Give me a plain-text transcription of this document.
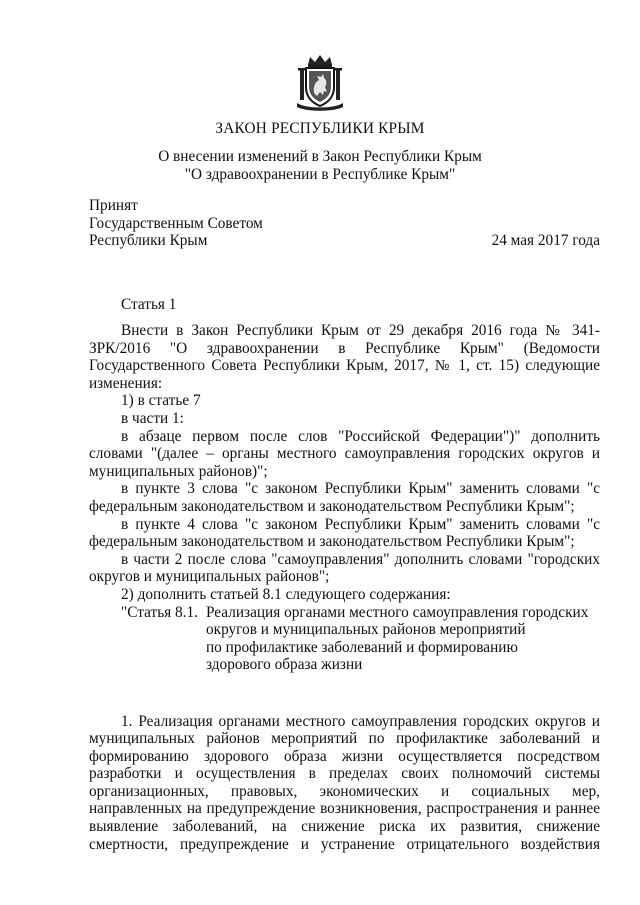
ЗАКОН РЕСПУБЛИКИ КРЫМ
О внесении изменений в Закон Республики Крым
"О здравоохранении в Республике Крым"
Принят
Государственным Советом
Республики Крым	24 мая 2017 года
Статья 1

Внести в Закон Республики Крым от 29 декабря 2016 года № 341-ЗРК/2016 "О здравоохранении в Республике Крым" (Ведомости Государственного Совета Республики Крым, 2017, № 1, ст. 15) следующие изменения:

1) в статье 7

в части 1:

в абзаце первом после слов "Российской Федерации")" дополнить словами "(далее – органы местного самоуправления городских округов и муниципальных районов)";

в пункте 3 слова "с законом Республики Крым" заменить словами "с федеральным законодательством и законодательством Республики Крым";

в пункте 4 слова "с законом Республики Крым" заменить словами "с федеральным законодательством и законодательством Республики Крым";

в части 2 после слова "самоуправления" дополнить словами "городских округов и муниципальных районов";

2) дополнить статьей 8.1 следующего содержания:

"Статья 8.1. Реализация органами местного самоуправления городских
округов и муниципальных районов мероприятий
по профилактике заболеваний и формированию
здорового образа жизни

1. Реализация органами местного самоуправления городских округов и муниципальных районов мероприятий по профилактике заболеваний и формированию здорового образа жизни осуществляется посредством разработки и осуществления в пределах своих полномочий системы организационных, правовых, экономических и социальных мер, направленных на предупреждение возникновения, распространения и раннее выявление заболеваний, на снижение риска их развития, снижение смертности, предупреждение и устранение отрицательного воздействия
